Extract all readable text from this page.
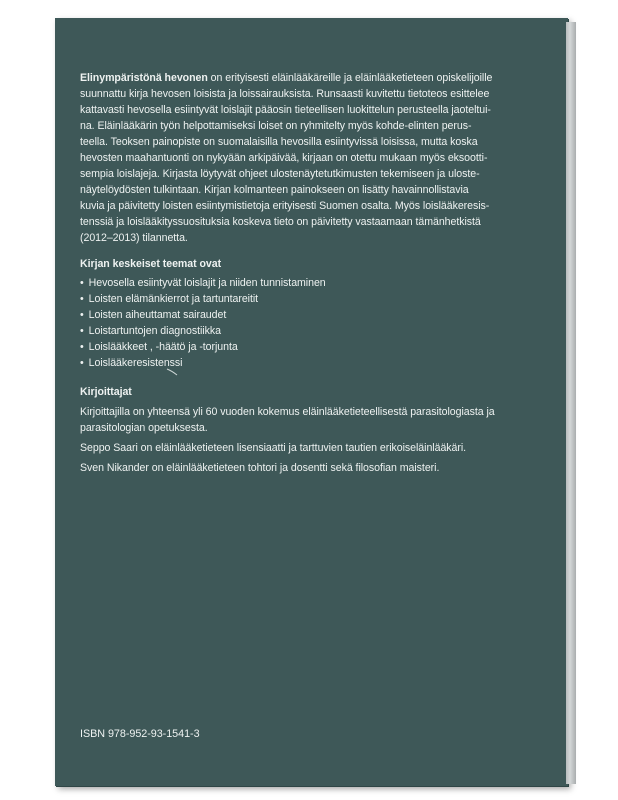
Elinympäristönä hevonen on erityisesti eläinlääkäreille ja eläinlääketieteen opiskelijoille
suunnattu kirja hevosen loisista ja loissairauksista. Runsaasti kuvitettu tietoteos esittelee
kattavasti hevosella esiintyvät loislajit pääosin tieteellisen luokittelun perusteella jaoteltui-
na. Eläinlääkärin työn helpottamiseksi loiset on ryhmitelty myös kohde-elinten perus-
teella. Teoksen painopiste on suomalaisilla hevosilla esiintyvissä loisissa, mutta koska
hevosten maahantuonti on nykyään arkipäivää, kirjaan on otettu mukaan myös eksootti-
sempia loislajeja. Kirjasta löytyvät ohjeet ulostenäytetutkimusten tekemiseen ja uloste-
näytelöydösten tulkintaan. Kirjan kolmanteen painokseen on lisätty havainnollistavia
kuvia ja päivitetty loisten esiintymistietoja erityisesti Suomen osalta. Myös loislääkeresis-
tenssiä ja loislääkityssuosituksia koskeva tieto on päivitetty vastaamaan tämänhetkistä
(2012–2013) tilannetta.

Kirjan keskeiset teemat ovat
• Hevosella esiintyvät loislajit ja niiden tunnistaminen
• Loisten elämänkierrot ja tartuntareitit
• Loisten aiheuttamat sairaudet
• Loistartuntojen diagnostiikka
• Loislääkkeet , -häätö ja -torjunta
• Loislääkeresistenssi
Kirjoittajat

Kirjoittajilla on yhteensä yli 60 vuoden kokemus eläinlääketieteellisestä parasitologiasta ja parasitologian opetuksesta.

Seppo Saari on eläinlääketieteen lisensiaatti ja tarttuvien tautien erikoiseläinlääkäri.

Sven Nikander on eläinlääketieteen tohtori ja dosentti sekä filosofian maisteri.

ISBN 978-952-93-1541-3
